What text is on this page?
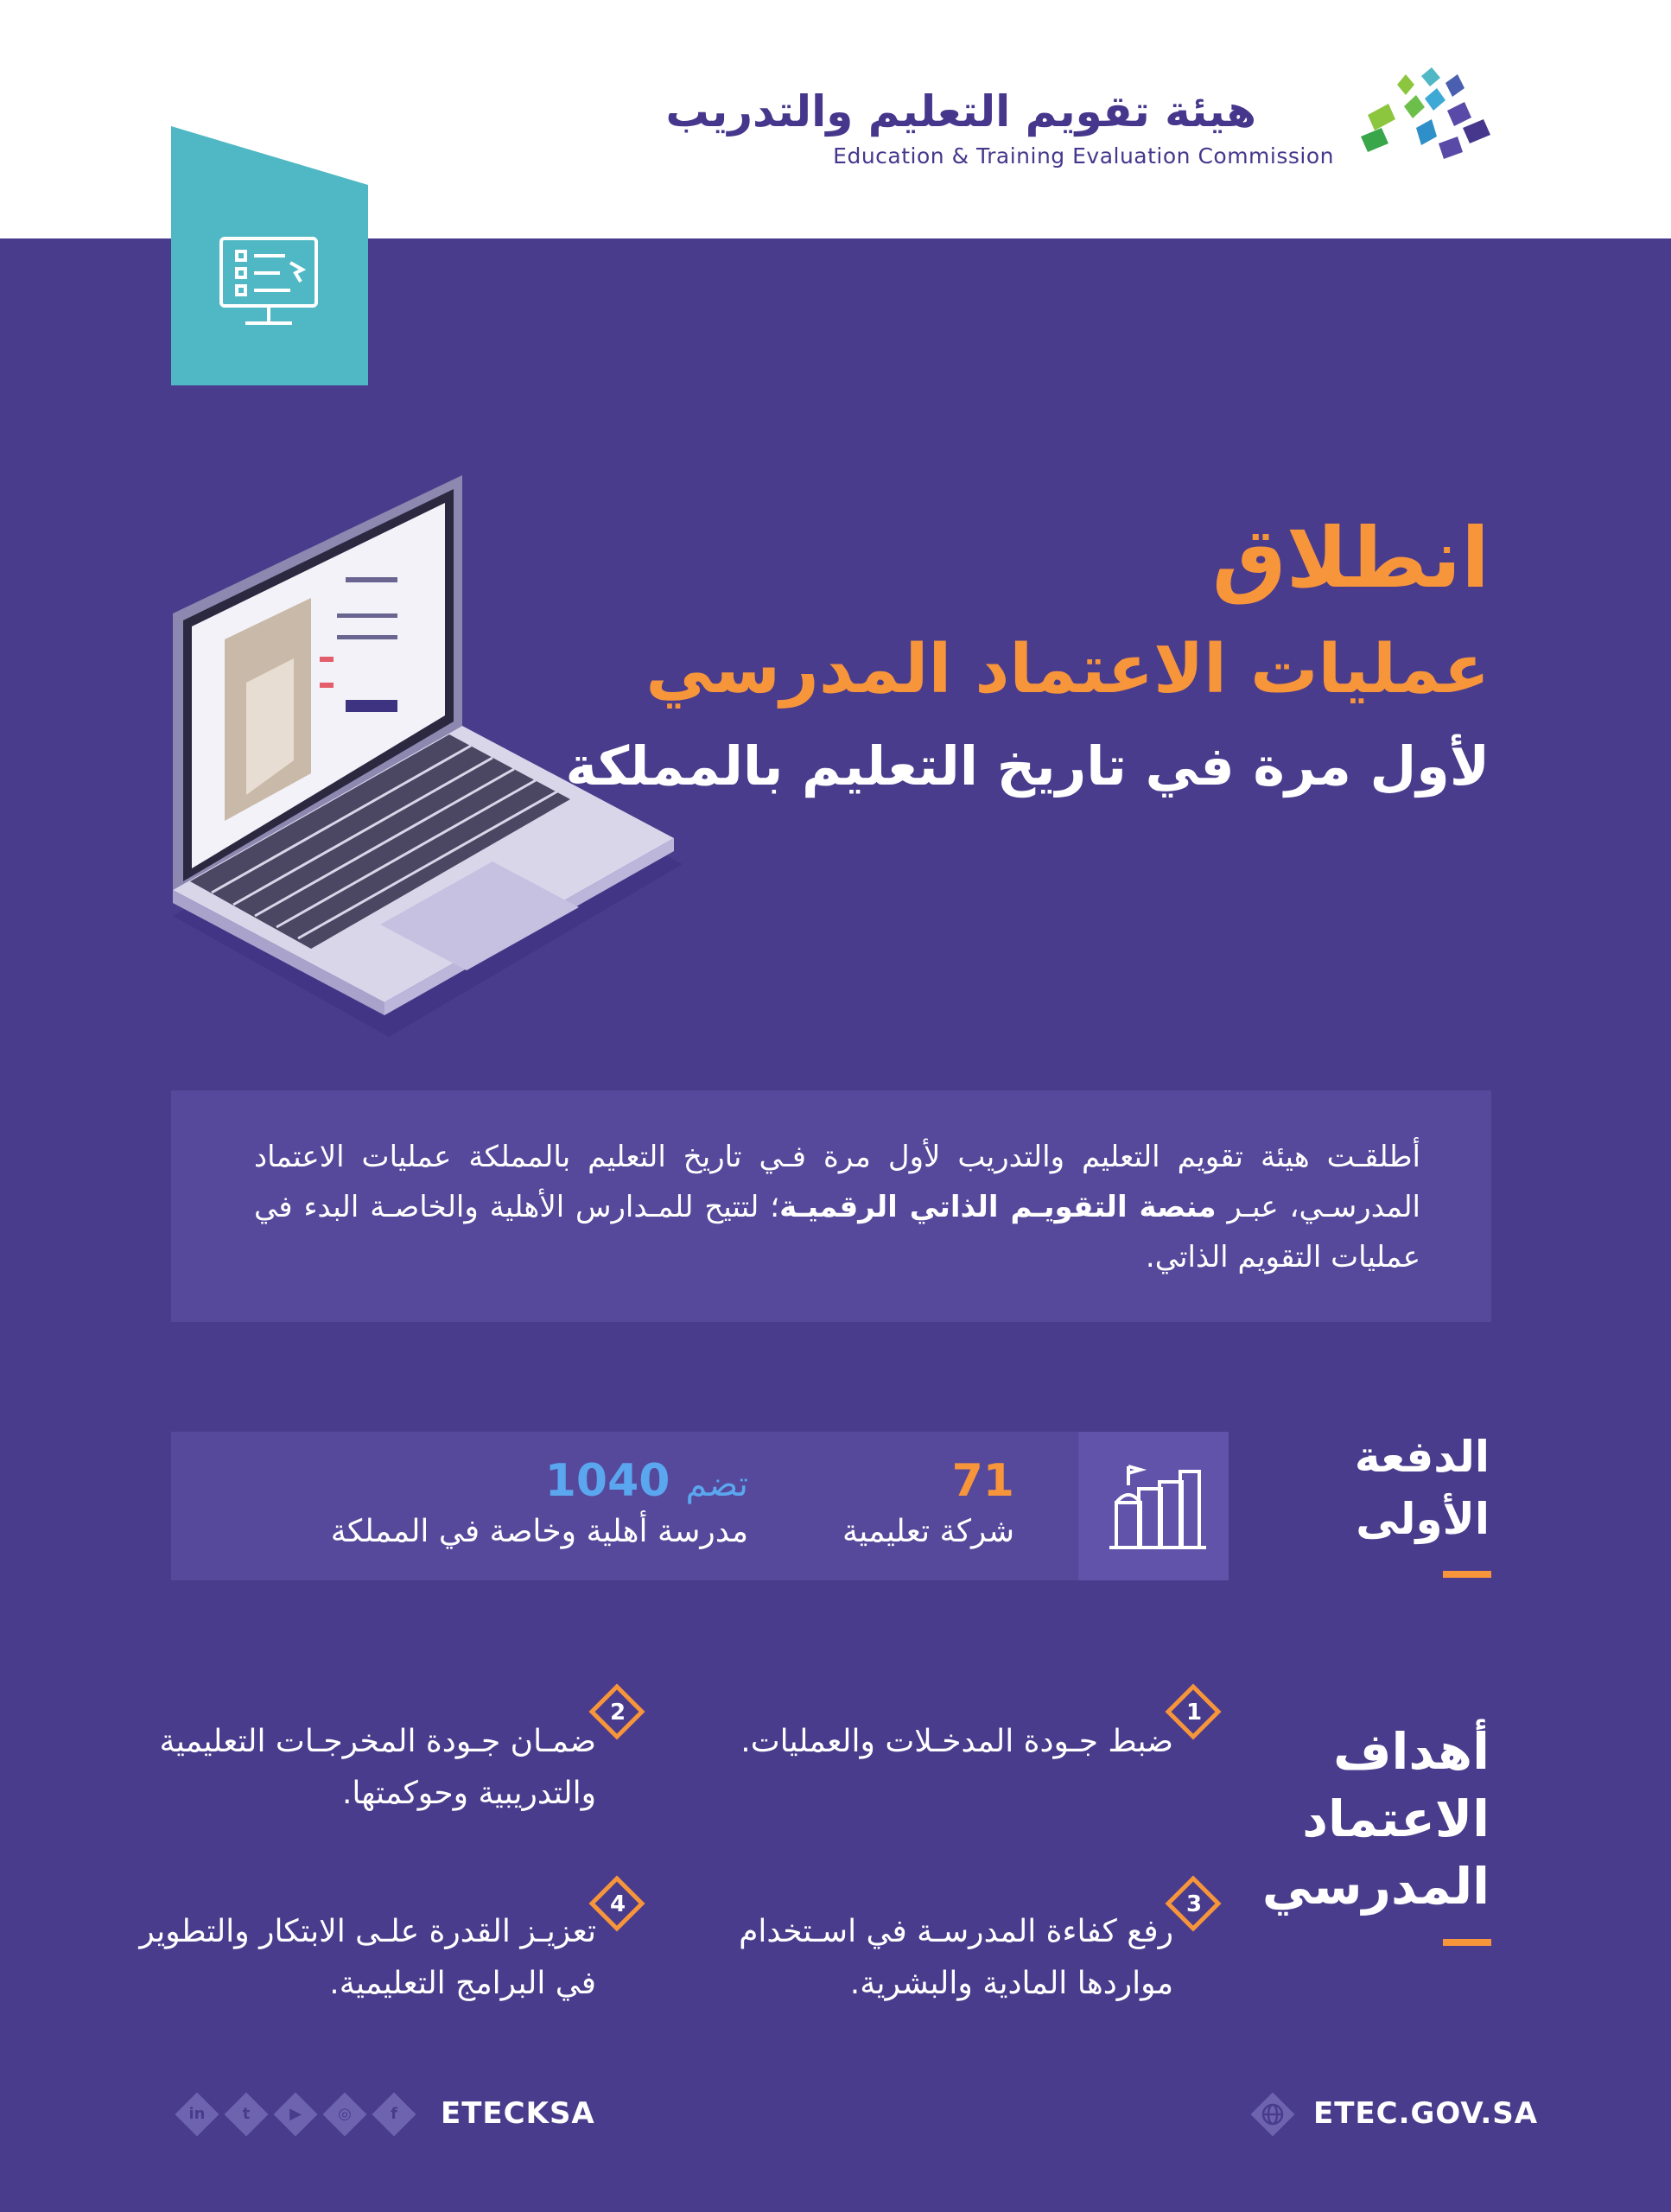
هيئة تقويم التعليم والتدريب
Education & Training Evaluation Commission
انطلاق
عمليات الاعتماد المدرسي
لأول مرة في تاريخ التعليم بالمملكة
أطلقـت هيئة تقويم التعليم والتدريب لأول مرة فـي تاريخ التعليم بالمملكة عمليات الاعتماد المدرسـي، عبـر منصة التقويـم الذاتي الرقميـة؛ لتتيح للمـدارس الأهلية والخاصـة البدء في عمليات التقويم الذاتي.
الدفعة
الأولى
71
شركة تعليمية
تضم 1040
مدرسة أهلية وخاصة في المملكة
أهداف
الاعتماد
المدرسي
1
ضبط جـودة المدخـلات والعمليات.
2
ضمـان جـودة المخرجـات التعليمية
والتدريبية وحوكمتها.
3
رفع كفاءة المدرسـة في اسـتخدام
مواردها المادية والبشرية.
4
تعزيـز القدرة علـى الابتكار والتطوير
في البرامج التعليمية.
ETEC.GOV.SA
in	t	▶	◎	f	ETECKSA
